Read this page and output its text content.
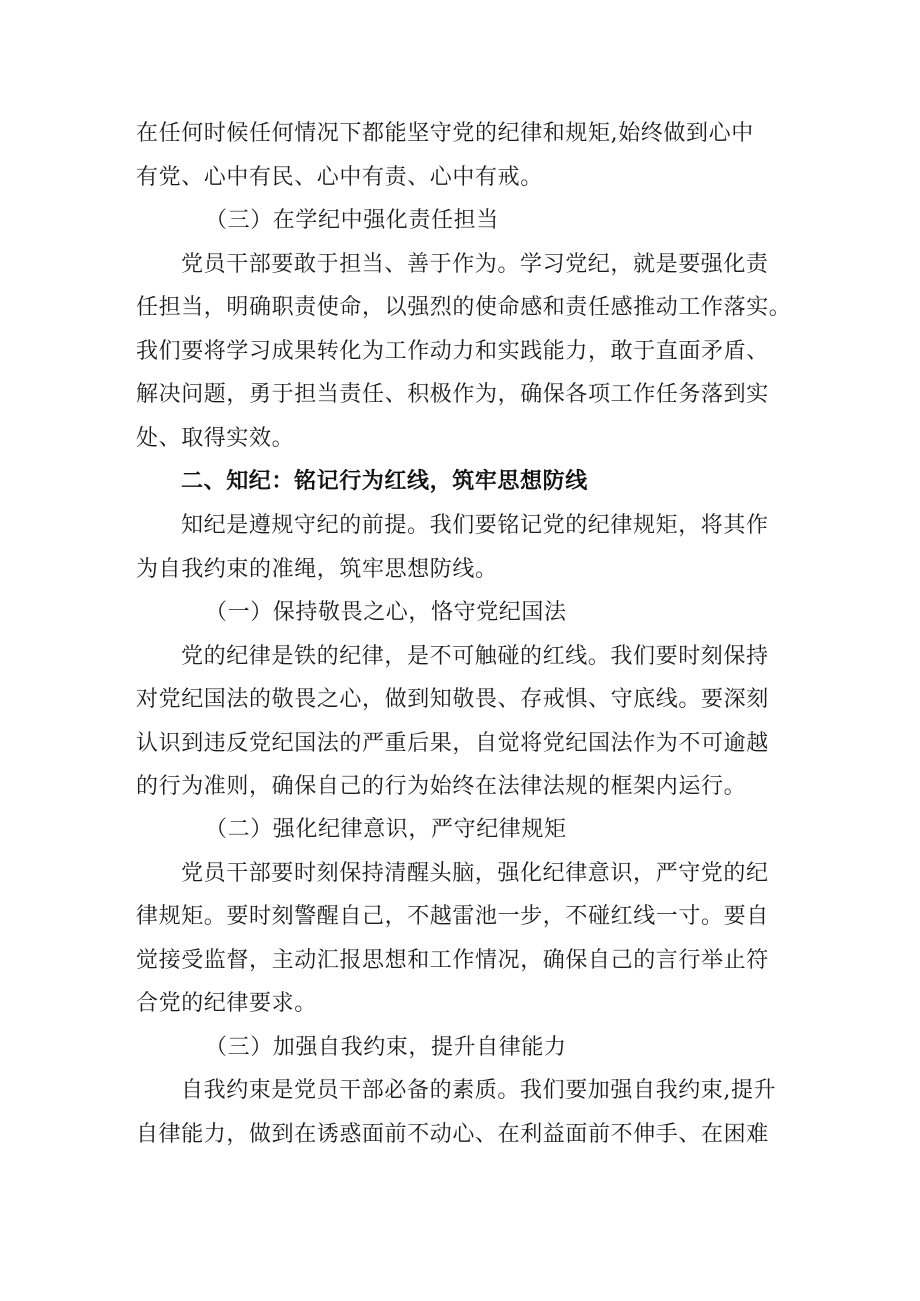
在任何时候任何情况下都能坚守党的纪律和规矩,始终做到心中
有党、心中有民、心中有责、心中有戒。
（三）在学纪中强化责任担当
党员干部要敢于担当、善于作为。学习党纪，就是要强化责
任担当，明确职责使命，以强烈的使命感和责任感推动工作落实。
我们要将学习成果转化为工作动力和实践能力，敢于直面矛盾、
解决问题，勇于担当责任、积极作为，确保各项工作任务落到实
处、取得实效。
二、知纪：铭记行为红线，筑牢思想防线
知纪是遵规守纪的前提。我们要铭记党的纪律规矩，将其作
为自我约束的准绳，筑牢思想防线。
（一）保持敬畏之心，恪守党纪国法
党的纪律是铁的纪律，是不可触碰的红线。我们要时刻保持
对党纪国法的敬畏之心，做到知敬畏、存戒惧、守底线。要深刻
认识到违反党纪国法的严重后果，自觉将党纪国法作为不可逾越
的行为准则，确保自己的行为始终在法律法规的框架内运行。
（二）强化纪律意识，严守纪律规矩
党员干部要时刻保持清醒头脑，强化纪律意识，严守党的纪
律规矩。要时刻警醒自己，不越雷池一步，不碰红线一寸。要自
觉接受监督，主动汇报思想和工作情况，确保自己的言行举止符
合党的纪律要求。
（三）加强自我约束，提升自律能力
自我约束是党员干部必备的素质。我们要加强自我约束,提升
自律能力，做到在诱惑面前不动心、在利益面前不伸手、在困难
